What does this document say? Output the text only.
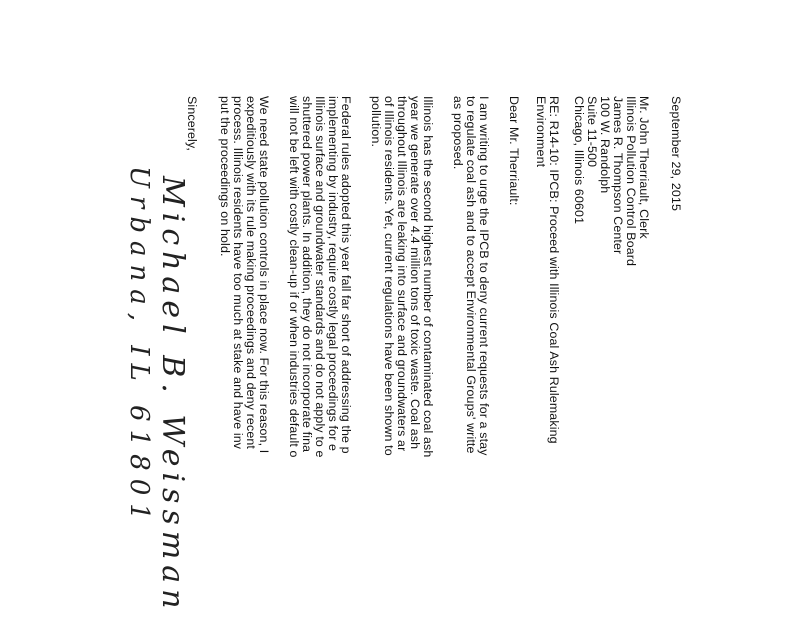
September 29, 2015
Mr. John Therriault, Clerk
Illinois Pollution Control Board
James R. Thompson Center
100 W. Randolph
Suite 11-500
Chicago, Illinois 60601
RE: R14-10: IPCB: Proceed with Illinois Coal Ash Rulemaking
Environment
Dear Mr. Therriault:
I am writing to urge the IPCB to deny current requests for a stay
to regulate coal ash and to accept Environmental Groups' writte
as proposed.
Illinois has the second highest number of contaminated coal ash
year we generate over 4.4 million tons of toxic waste. Coal ash
throughout Illinois are leaking into surface and groundwaters ar
of Illinois residents. Yet, current regulations have been shown to
pollution.
Federal rules adopted this year fall far short of addressing the p
implementing by industry, require costly legal proceedings for e
Illinois surface and groundwater standards and do not apply to e
shuttered power plants. In addition, they do not incorporate fina
will not be left with costly clean-up if or when industries default o
We need state pollution controls in place now. For this reason, I
expeditiously with its rule making proceedings and deny recent
process. Illinois residents have too much at stake and have inv
put the proceedings on hold.
Sincerely,
Michael B. Weissman
Urbana, IL 61801
